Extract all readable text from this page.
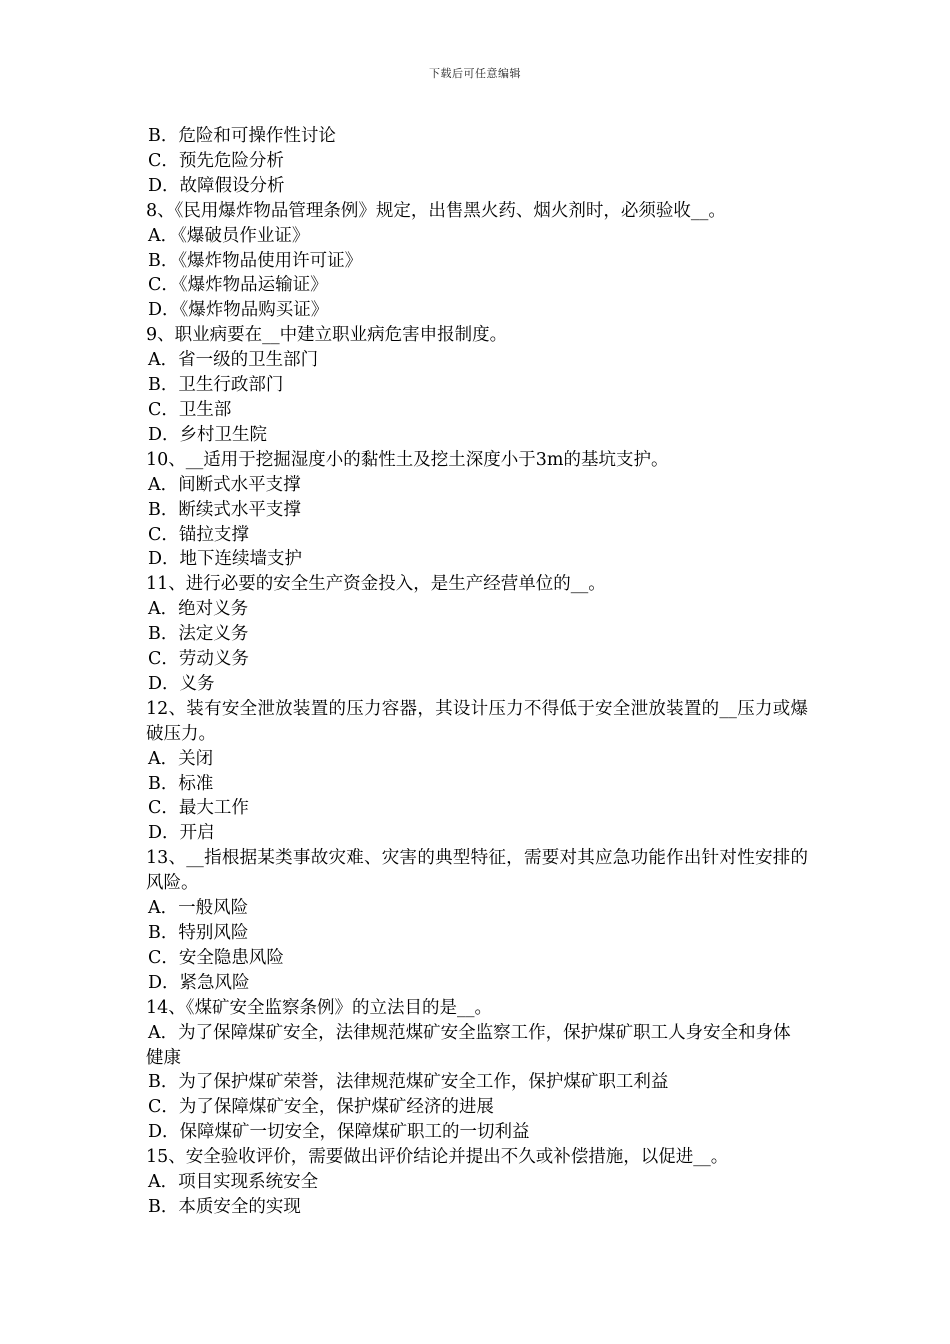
下载后可任意编辑
B．危险和可操作性讨论
C．预先危险分析
D．故障假设分析
8、《民用爆炸物品管理条例》规定，出售黑火药、烟火剂时，必须验收__。
A．《爆破员作业证》
B．《爆炸物品使用许可证》
C．《爆炸物品运输证》
D．《爆炸物品购买证》
9、职业病要在__中建立职业病危害申报制度。
A．省一级的卫生部门
B．卫生行政部门
C．卫生部
D．乡村卫生院
10、__适用于挖掘湿度小的黏性土及挖土深度小于3m的基坑支护。
A．间断式水平支撑
B．断续式水平支撑
C．锚拉支撑
D．地下连续墙支护
11、进行必要的安全生产资金投入，是生产经营单位的__。
A．绝对义务
B．法定义务
C．劳动义务
D．义务
12、装有安全泄放装置的压力容器，其设计压力不得低于安全泄放装置的__压力或爆破压力。
A．关闭
B．标准
C．最大工作
D．开启
13、__指根据某类事故灾难、灾害的典型特征，需要对其应急功能作出针对性安排的风险。
A．一般风险
B．特别风险
C．安全隐患风险
D．紧急风险
14、《煤矿安全监察条例》的立法目的是__。
A．为了保障煤矿安全，法律规范煤矿安全监察工作，保护煤矿职工人身安全和身体健康
B．为了保护煤矿荣誉，法律规范煤矿安全工作，保护煤矿职工利益
C．为了保障煤矿安全，保护煤矿经济的进展
D．保障煤矿一切安全，保障煤矿职工的一切利益
15、安全验收评价，需要做出评价结论并提出不久或补偿措施，以促进__。
A．项目实现系统安全
B．本质安全的实现
